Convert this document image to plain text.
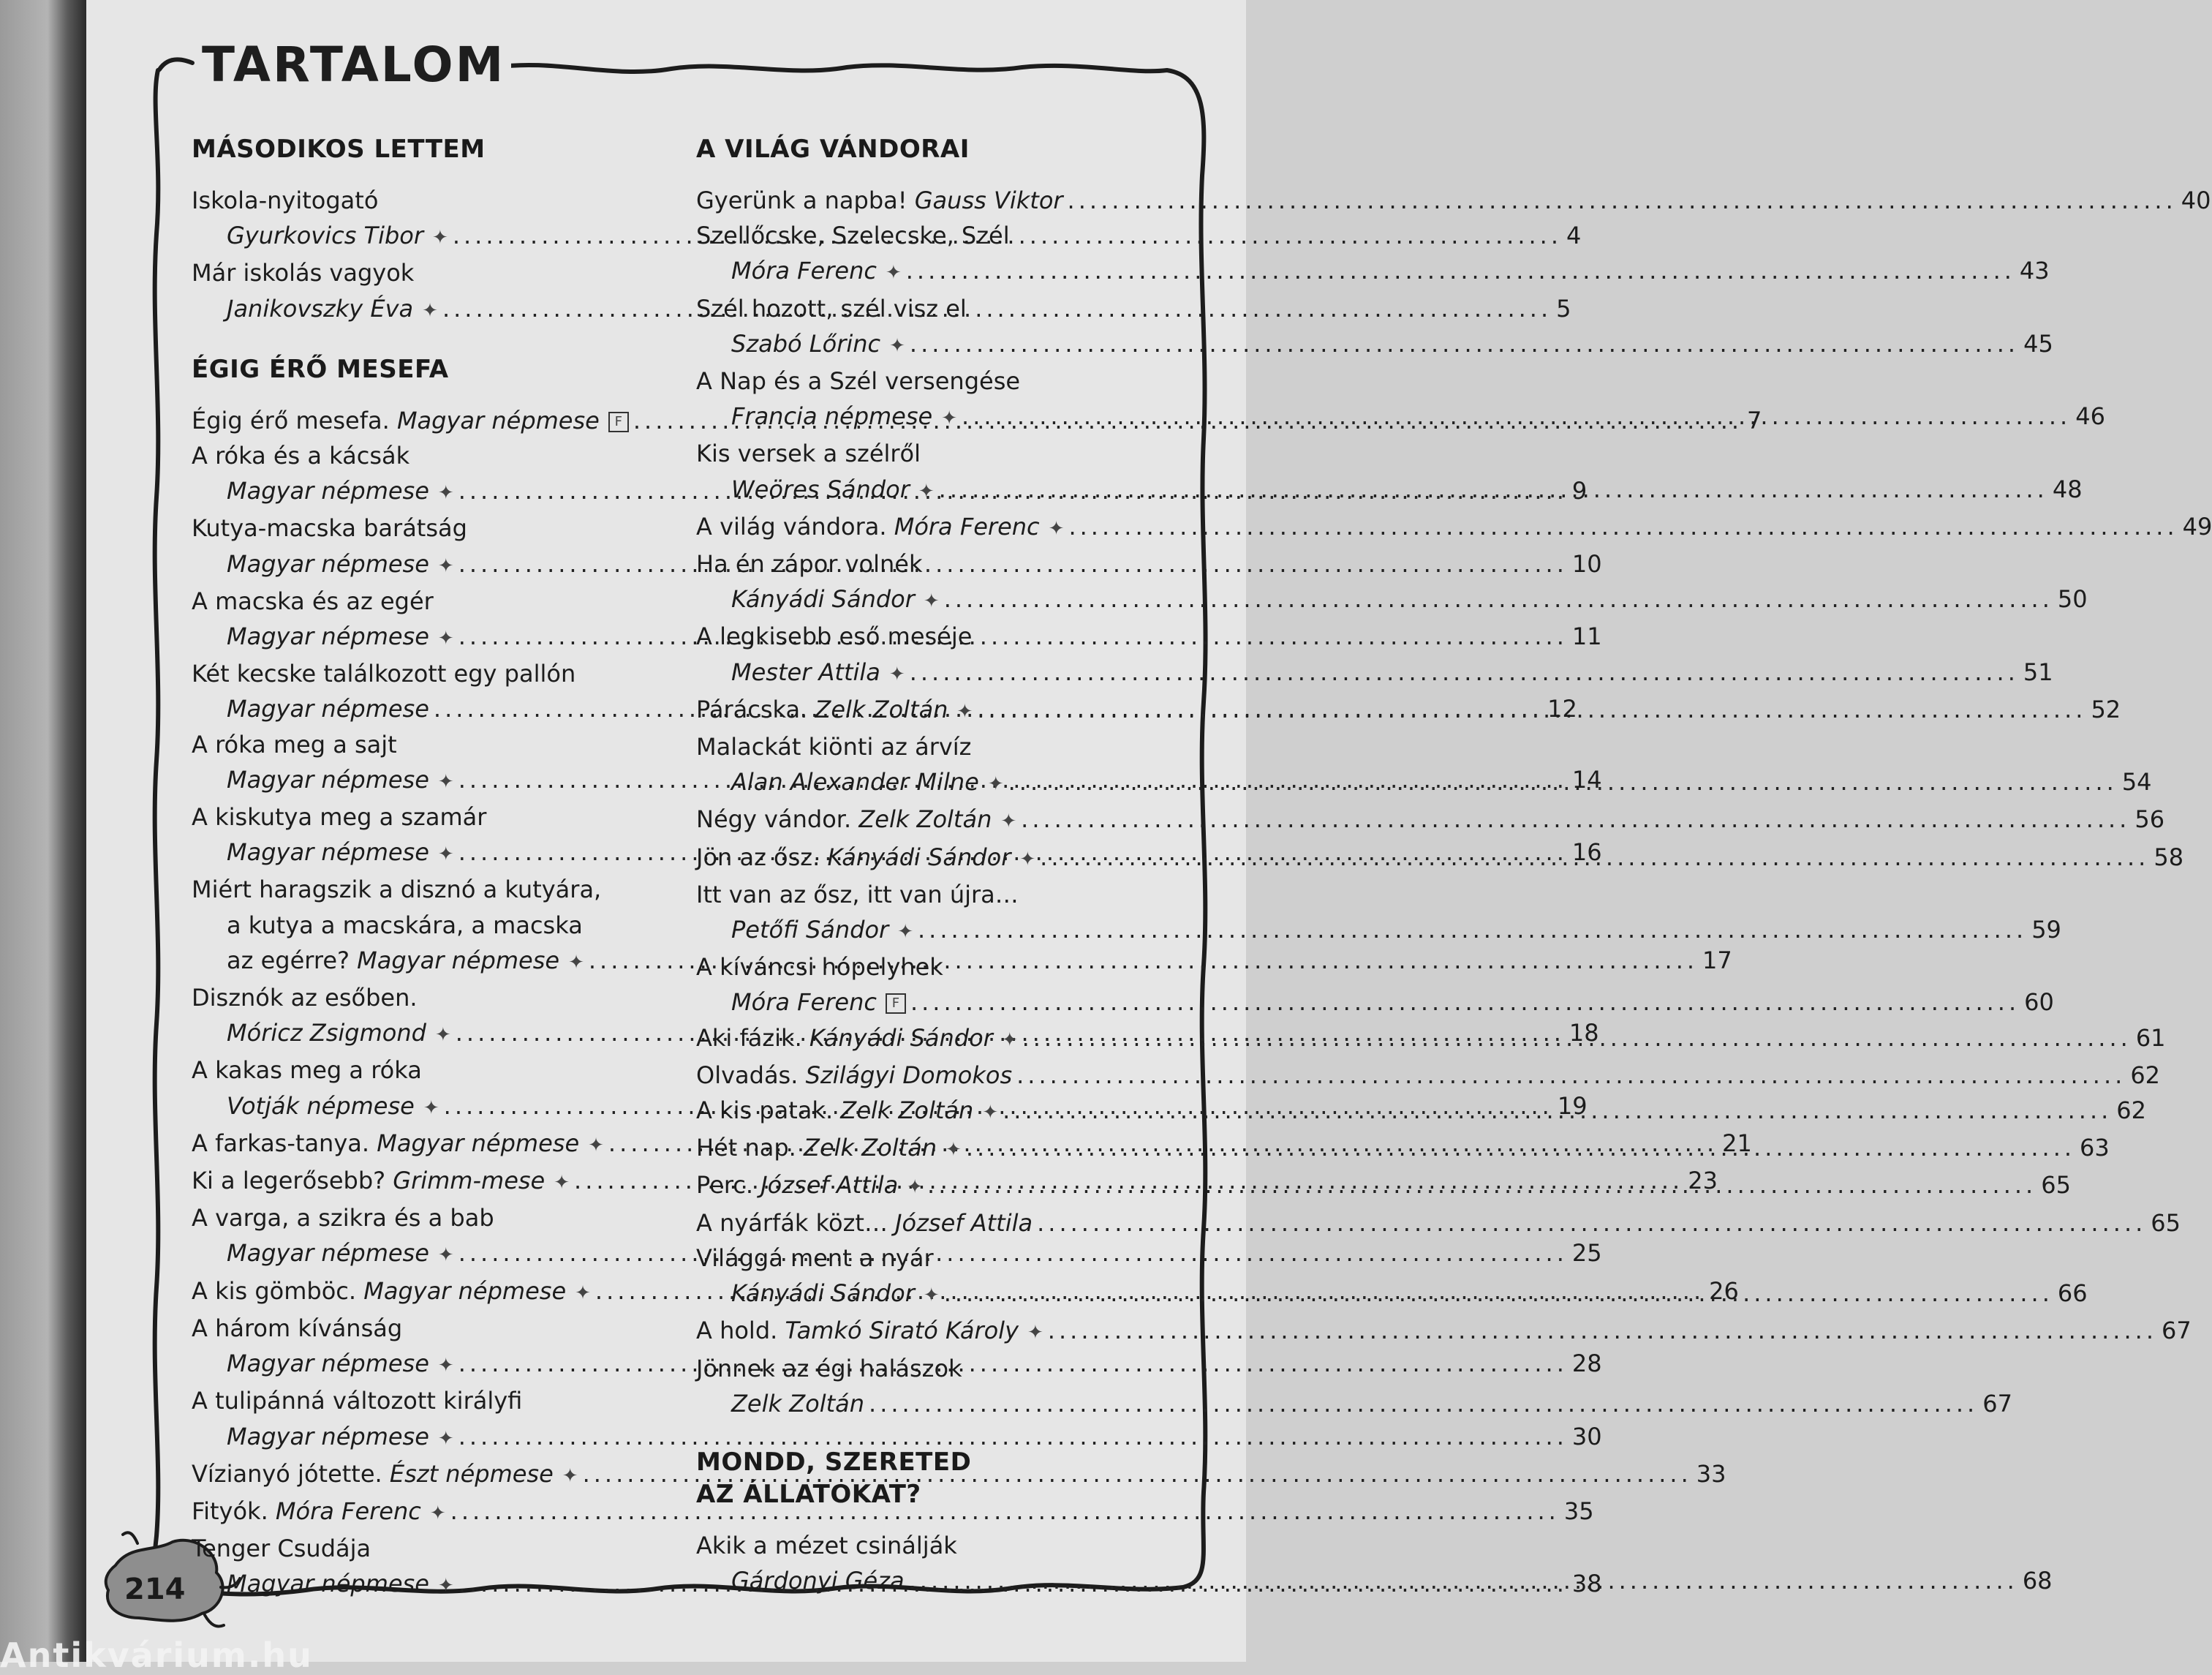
TARTALOM
MÁSODIKOS LETTEM
Iskola-nyitogató
Gyurkovics Tibor ✦ .....	4
Már iskolás vagyok
Janikovszky Éva ✦ .....	5
ÉGIG ÉRŐ MESEFA
Égig érő mesefa. Magyar népmese F .....	7
A róka és a kácsák
Magyar népmese ✦ .....	9
Kutya-macska barátság
Magyar népmese ✦ .....	10
A macska és az egér
Magyar népmese ✦ .....	11
Két kecske találkozott egy pallón
Magyar népmese .....	12
A róka meg a sajt
Magyar népmese ✦ .....	14
A kiskutya meg a szamár
Magyar népmese ✦ .....	16
Miért haragszik a disznó a kutyára,
a kutya a macskára, a macska
az egérre? Magyar népmese ✦ .....	17
Disznók az esőben.
Móricz Zsigmond ✦ .....	18
A kakas meg a róka
Votják népmese ✦ .....	19
A farkas-tanya. Magyar népmese ✦ .....	21
Ki a legerősebb? Grimm-mese ✦ .....	23
A varga, a szikra és a bab
Magyar népmese ✦ .....	25
A kis gömböc. Magyar népmese ✦ .....	26
A három kívánság
Magyar népmese ✦ .....	28
A tulipánná változott királyfi
Magyar népmese ✦ .....	30
Vízianyó jótette. Észt népmese ✦ .....	33
Fityók. Móra Ferenc ✦ .....	35
Tenger Csudája
Magyar népmese ✦ .....	38
A VILÁG VÁNDORAI
Gyerünk a napba! Gauss Viktor .....	40
Szellőcske, Szelecske, Szél
Móra Ferenc ✦ .....	43
Szél hozott, szél visz el
Szabó Lőrinc ✦ .....	45
A Nap és a Szél versengése
Francia népmese ✦ .....	46
Kis versek a szélről
Weöres Sándor ✦ .....	48
A világ vándora. Móra Ferenc ✦ .....	49
Ha én zápor volnék
Kányádi Sándor ✦ .....	50
A legkisebb eső meséje
Mester Attila ✦ .....	51
Párácska. Zelk Zoltán ✦ .....	52
Malackát kiönti az árvíz
Alan Alexander Milne ✦ .....	54
Négy vándor. Zelk Zoltán ✦ .....	56
Jön az ősz. Kányádi Sándor ✦ .....	58
Itt van az ősz, itt van újra…
Petőfi Sándor ✦ .....	59
A kíváncsi hópelyhek
Móra Ferenc F .....	60
Aki fázik. Kányádi Sándor ✦ .....	61
Olvadás. Szilágyi Domokos .....	62
A kis patak. Zelk Zoltán ✦ .....	62
Hét nap. Zelk Zoltán ✦ .....	63
Perc. József Attila ✦ .....	65
A nyárfák közt… József Attila .....	65
Világgá ment a nyár
Kányádi Sándor ✦ .....	66
A hold. Tamkó Sirató Károly ✦ .....	67
Jönnek az égi halászok
Zelk Zoltán .....	67
MONDD, SZERETED
AZ ÁLLATOKAT?
Akik a mézet csinálják
Gárdonyi Géza .....	68
214
Antikvárium.hu
